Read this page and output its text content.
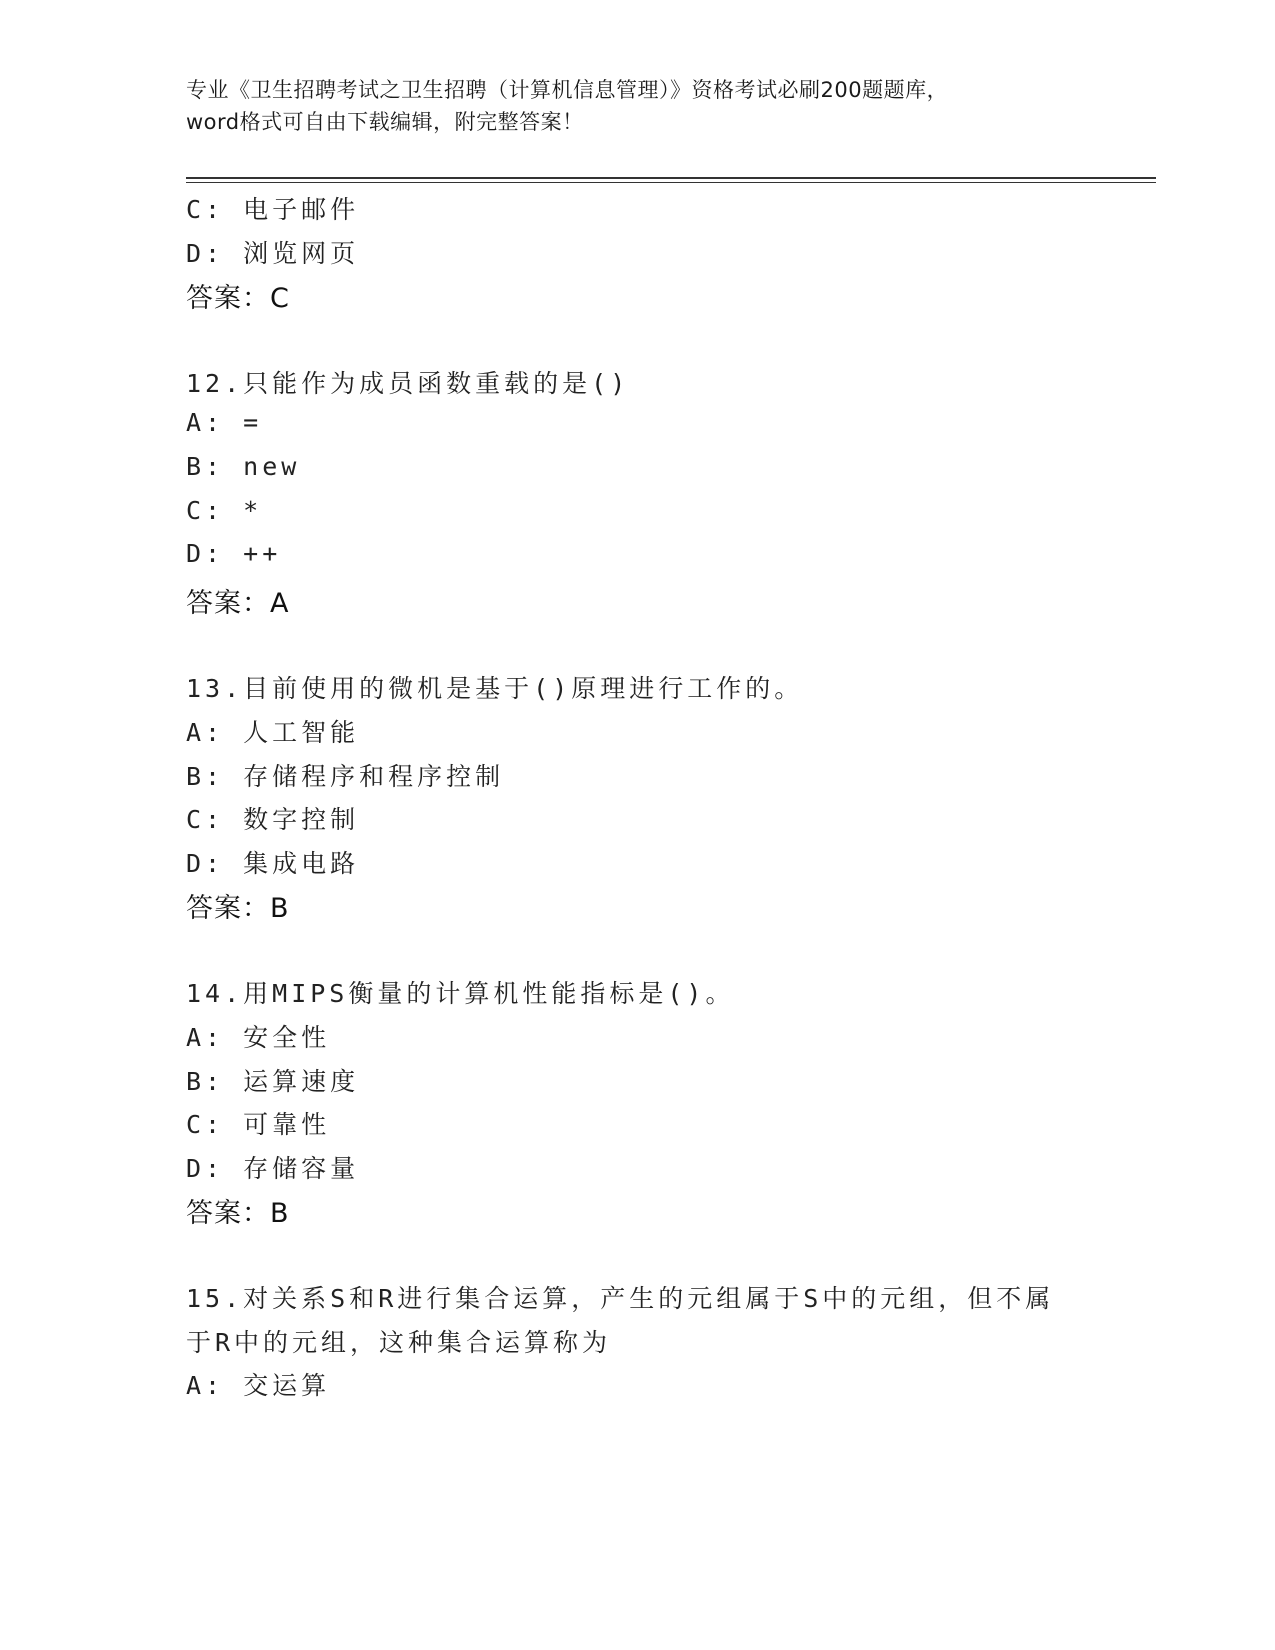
专业《卫生招聘考试之卫生招聘（计算机信息管理）》资格考试必刷200题题库，
word格式可自由下载编辑，附完整答案！
C: 电子邮件
D: 浏览网页
答案：C
12.只能作为成员函数重载的是()
A: =
B: new
C: *
D: ++
答案：A
13.目前使用的微机是基于()原理进行工作的。
A: 人工智能
B: 存储程序和程序控制
C: 数字控制
D: 集成电路
答案：B
14.用MIPS衡量的计算机性能指标是()。
A: 安全性
B: 运算速度
C: 可靠性
D: 存储容量
答案：B
15.对关系S和R进行集合运算，产生的元组属于S中的元组，但不属
于R中的元组，这种集合运算称为
A: 交运算
